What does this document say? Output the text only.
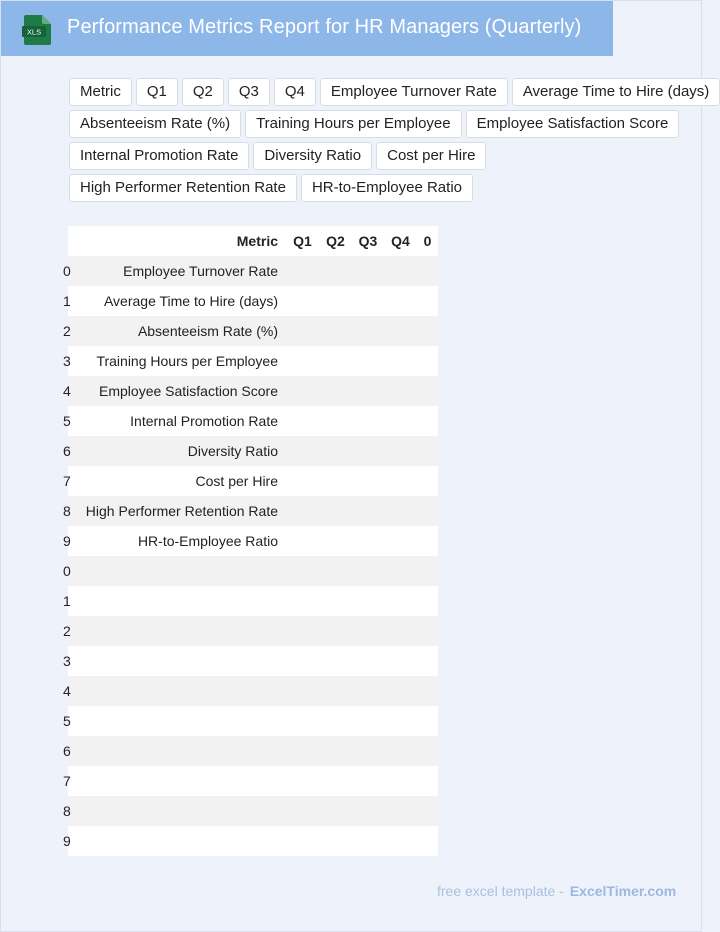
XLS Performance Metrics Report for HR Managers (Quarterly)
Metric	Q1	Q2	Q3	Q4	Employee Turnover Rate	Average Time to Hire (days)
Absenteeism Rate (%)	Training Hours per Employee	Employee Satisfaction Score
Internal Promotion Rate	Diversity Ratio	Cost per Hire
High Performer Retention Rate	HR-to-Employee Ratio
	Metric	Q1	Q2	Q3	Q4	0
0	Employee Turnover Rate					
1	Average Time to Hire (days)					
2	Absenteeism Rate (%)					
3	Training Hours per Employee					
4	Employee Satisfaction Score					
5	Internal Promotion Rate					
6	Diversity Ratio					
7	Cost per Hire					
8	High Performer Retention Rate					
9	HR-to-Employee Ratio					
0						
1						
2						
3						
4						
5						
6						
7						
8						
9						
free excel template - ExcelTimer.com
